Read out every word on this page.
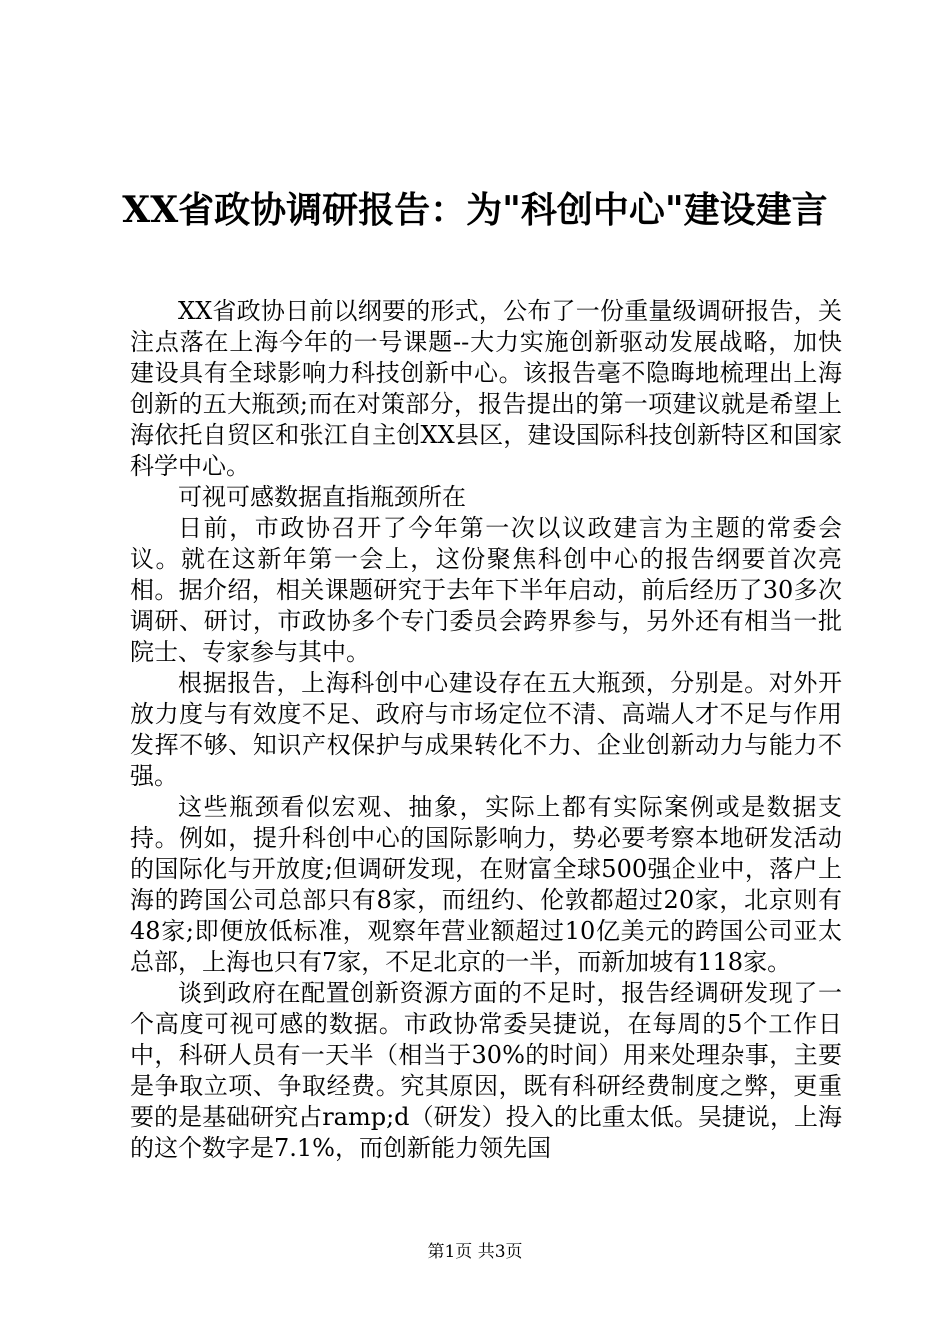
XX省政协调研报告：为"科创中心"建设建言

XX省政协日前以纲要的形式，公布了一份重量级调研报告，关注点落在上海今年的一号课题--大力实施创新驱动发展战略，加快建设具有全球影响力科技创新中心。该报告毫不隐晦地梳理出上海创新的五大瓶颈;而在对策部分，报告提出的第一项建议就是希望上海依托自贸区和张江自主创XX县区，建设国际科技创新特区和国家科学中心。

可视可感数据直指瓶颈所在

日前，市政协召开了今年第一次以议政建言为主题的常委会议。就在这新年第一会上，这份聚焦科创中心的报告纲要首次亮相。据介绍，相关课题研究于去年下半年启动，前后经历了30多次调研、研讨，市政协多个专门委员会跨界参与，另外还有相当一批院士、专家参与其中。

根据报告，上海科创中心建设存在五大瓶颈，分别是。对外开放力度与有效度不足、政府与市场定位不清、高端人才不足与作用发挥不够、知识产权保护与成果转化不力、企业创新动力与能力不强。

这些瓶颈看似宏观、抽象，实际上都有实际案例或是数据支持。例如，提升科创中心的国际影响力，势必要考察本地研发活动的国际化与开放度;但调研发现，在财富全球500强企业中，落户上海的跨国公司总部只有8家，而纽约、伦敦都超过20家，北京则有48家;即便放低标准，观察年营业额超过10亿美元的跨国公司亚太总部，上海也只有7家，不足北京的一半，而新加坡有118家。

谈到政府在配置创新资源方面的不足时，报告经调研发现了一个高度可视可感的数据。市政协常委吴捷说，在每周的5个工作日中，科研人员有一天半（相当于30%的时间）用来处理杂事，主要是争取立项、争取经费。究其原因，既有科研经费制度之弊，更重要的是基础研究占ramp;d（研发）投入的比重太低。吴捷说，上海的这个数字是7.1%，而创新能力领先国

第1页 共3页
